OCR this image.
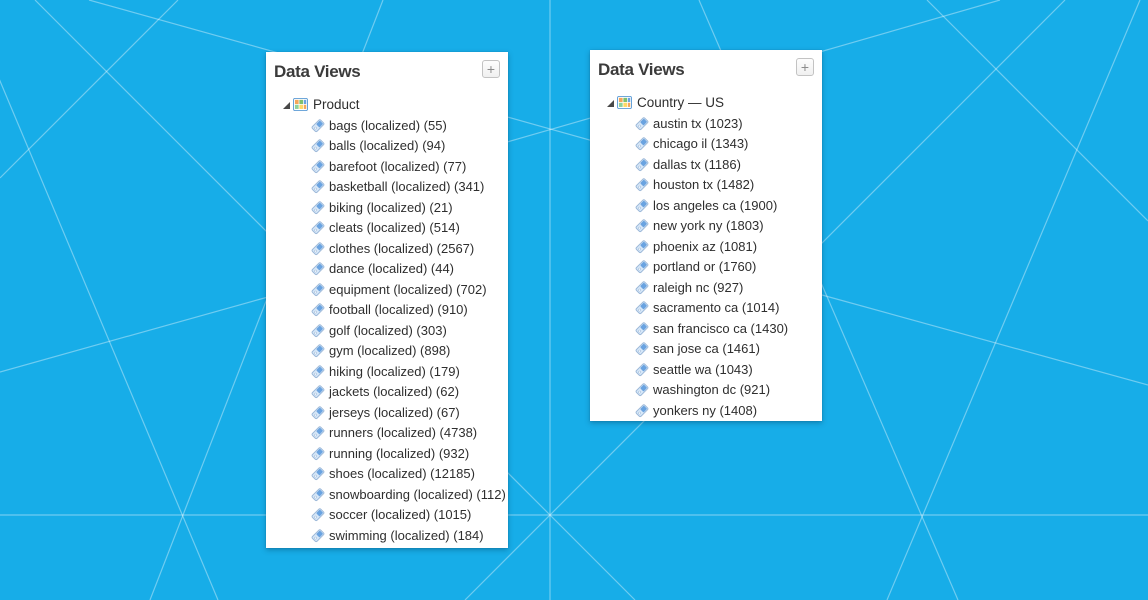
Data Views	+
Product
bags (localized) (55)
balls (localized) (94)
barefoot (localized) (77)
basketball (localized) (341)
biking (localized) (21)
cleats (localized) (514)
clothes (localized) (2567)
dance (localized) (44)
equipment (localized) (702)
football (localized) (910)
golf (localized) (303)
gym (localized) (898)
hiking (localized) (179)
jackets (localized) (62)
jerseys (localized) (67)
runners (localized) (4738)
running (localized) (932)
shoes (localized) (12185)
snowboarding (localized) (112)
soccer (localized) (1015)
swimming (localized) (184)
Data Views	+
Country — US
austin tx (1023)
chicago il (1343)
dallas tx (1186)
houston tx (1482)
los angeles ca (1900)
new york ny (1803)
phoenix az (1081)
portland or (1760)
raleigh nc (927)
sacramento ca (1014)
san francisco ca (1430)
san jose ca (1461)
seattle wa (1043)
washington dc (921)
yonkers ny (1408)
